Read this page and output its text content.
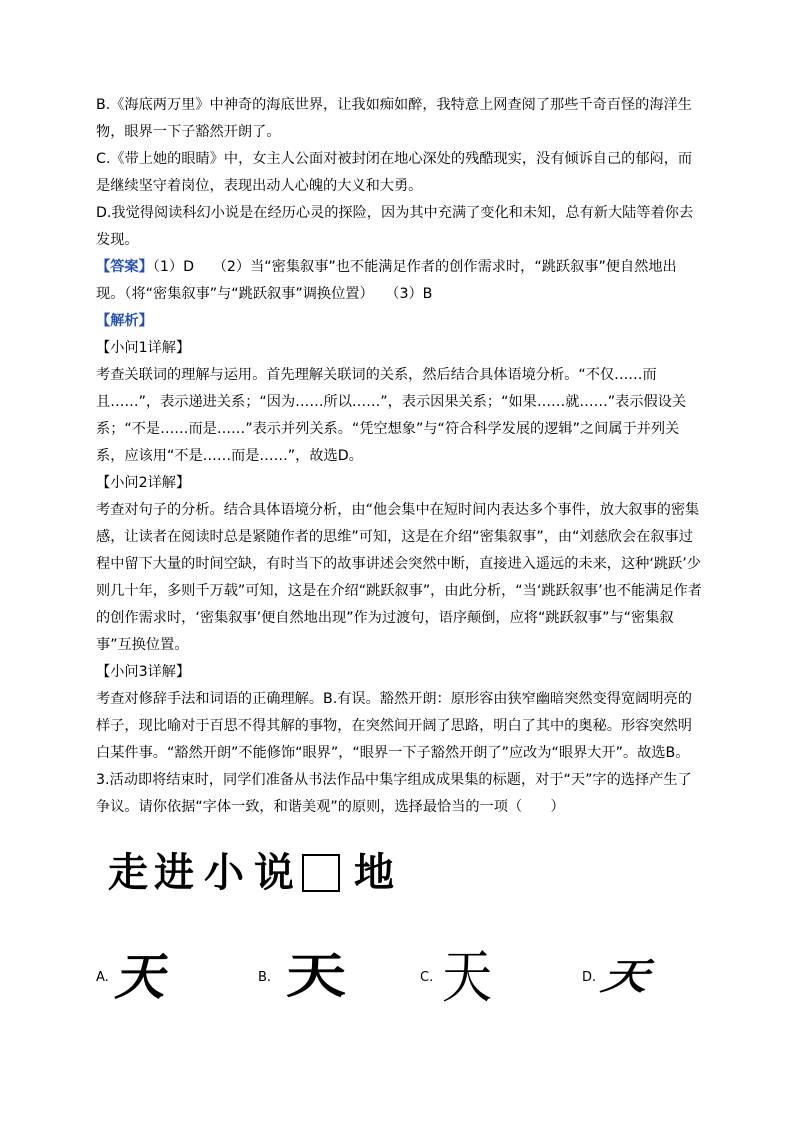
B.《海底两万里》中神奇的海底世界，让我如痴如醉，我特意上网查阅了那些千奇百怪的海洋生物，眼界一下子豁然开朗了。

C.《带上她的眼睛》中，女主人公面对被封闭在地心深处的残酷现实，没有倾诉自己的郁闷，而是继续坚守着岗位，表现出动人心魄的大义和大勇。

D.我觉得阅读科幻小说是在经历心灵的探险，因为其中充满了变化和未知，总有新大陆等着你去发现。

【答案】（1）D　 （2）当“密集叙事”也不能满足作者的创作需求时，“跳跃叙事”便自然地出现。（将“密集叙事”与“跳跃叙事”调换位置）　 （3）B

【解析】

【小问1详解】

考查关联词的理解与运用。首先理解关联词的关系，然后结合具体语境分析。“不仅……而且……”，表示递进关系；“因为……所以……”，表示因果关系；“如果……就……”表示假设关系；“不是……而是……”表示并列关系。“凭空想象”与“符合科学发展的逻辑”之间属于并列关系，应该用“不是……而是……”，故选D。

【小问2详解】

考查对句子的分析。结合具体语境分析，由“他会集中在短时间内表达多个事件，放大叙事的密集感，让读者在阅读时总是紧随作者的思维”可知，这是在介绍“密集叙事”，由“刘慈欣会在叙事过程中留下大量的时间空缺，有时当下的故事讲述会突然中断，直接进入遥远的未来，这种‘跳跃’少则几十年，多则千万载”可知，这是在介绍“跳跃叙事”，由此分析，“当‘跳跃叙事’也不能满足作者的创作需求时，‘密集叙事’便自然地出现”作为过渡句，语序颠倒，应将“跳跃叙事”与“密集叙事”互换位置。

【小问3详解】

考查对修辞手法和词语的正确理解。B.有误。豁然开朗：原形容由狭窄幽暗突然变得宽阔明亮的样子，现比喻对于百思不得其解的事物，在突然间开阔了思路，明白了其中的奥秘。形容突然明白某件事。“豁然开朗”不能修饰“眼界”，“眼界一下子豁然开朗了”应改为“眼界大开”。故选B。

3.活动即将结束时，同学们准备从书法作品中集字组成成果集的标题，对于“天”字的选择产生了争议。请你依据“字体一致，和谐美观”的原则，选择最恰当的一项（　　）

走 进 小 说 地
A. 天	B. 天	C. 天	D. 天
